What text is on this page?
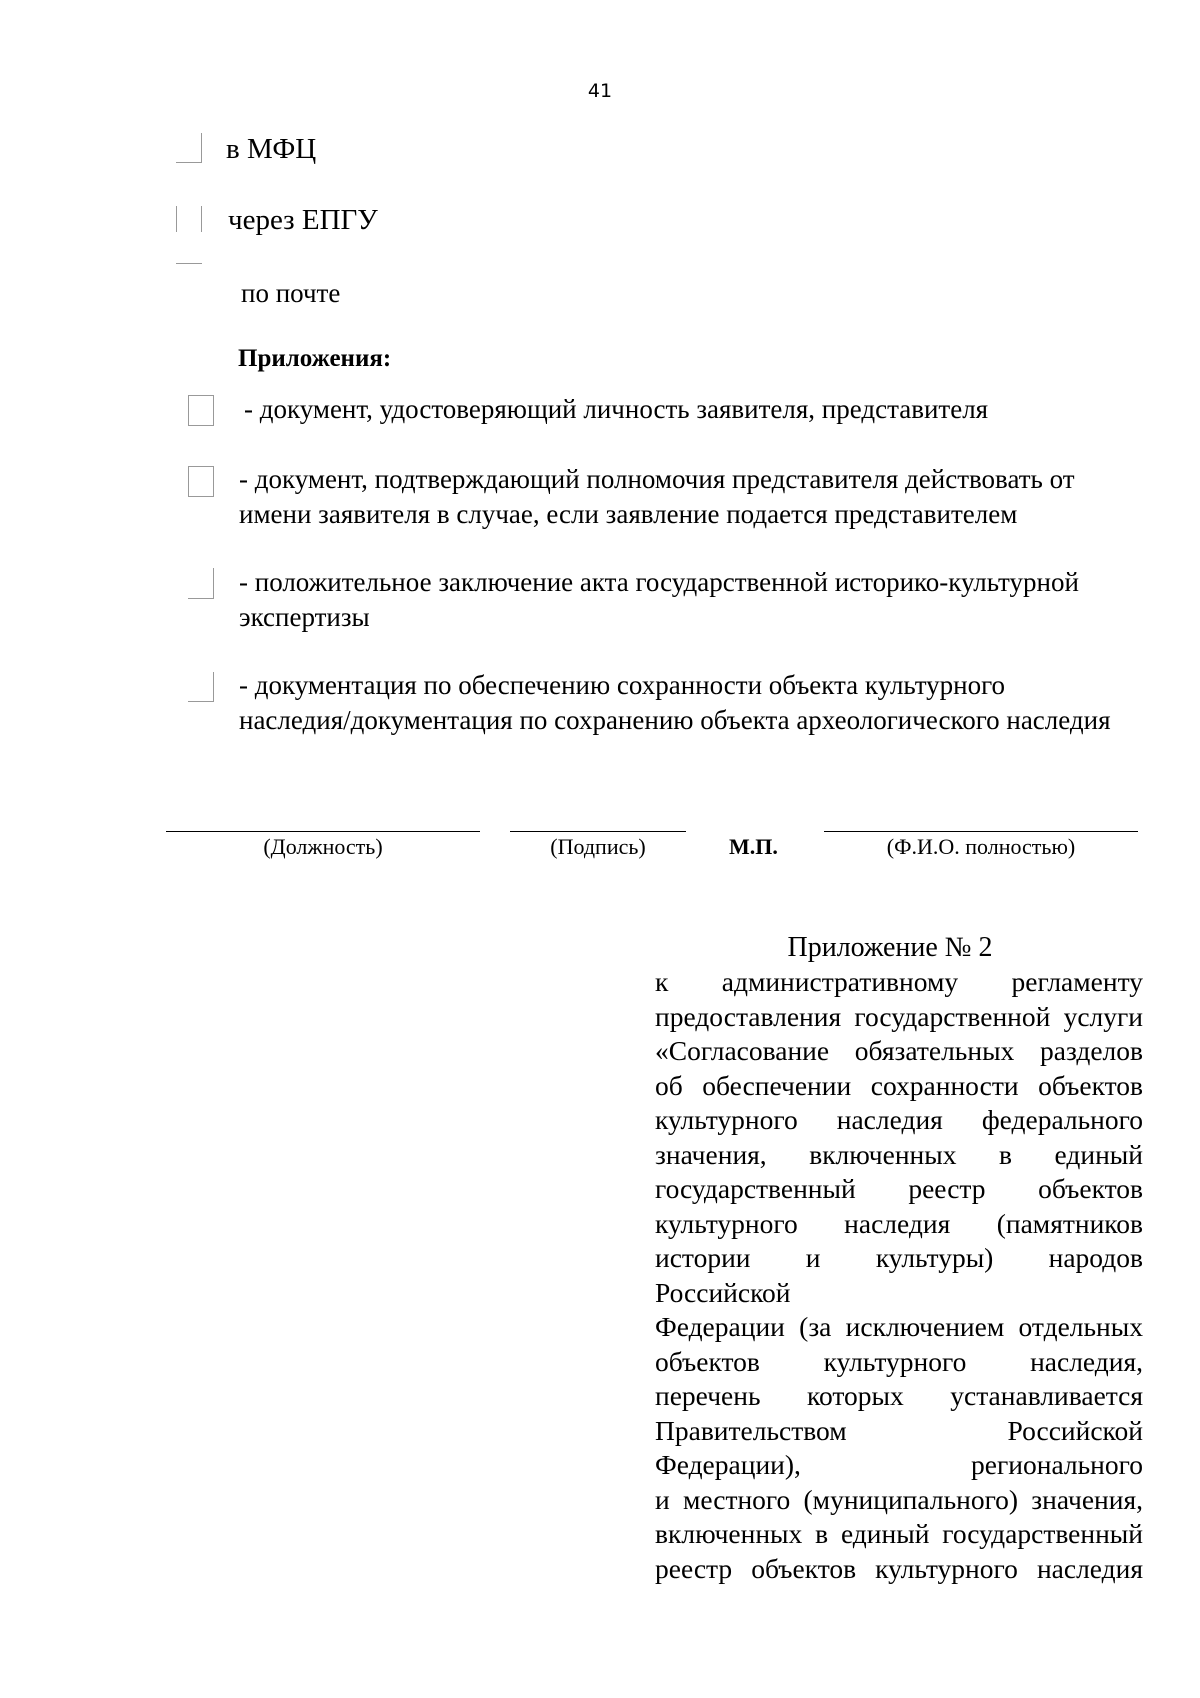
41
в МФЦ
через ЕПГУ
по почте
Приложения:
- документ, удостоверяющий личность заявителя, представителя
- документ, подтверждающий полномочия представителя действовать от
имени заявителя в случае, если заявление подается представителем
- положительное заключение акта государственной историко-культурной
экспертизы
- документация по обеспечению сохранности объекта культурного
наследия/документация по сохранению объекта археологического наследия
(Должность)	(Подпись)	М.П.	(Ф.И.О. полностью)
Приложение № 2
к административному регламенту
предоставления государственной услуги
«Согласование обязательных разделов
об обеспечении сохранности объектов
культурного наследия федерального
значения, включенных в единый
государственный реестр объектов
культурного наследия (памятников
истории и культуры) народов Российской
Федерации (за исключением отдельных
объектов культурного наследия,
перечень которых устанавливается
Правительством Российской
Федерации), регионального
и местного (муниципального) значения,
включенных в единый государственный
реестр объектов культурного наследия
